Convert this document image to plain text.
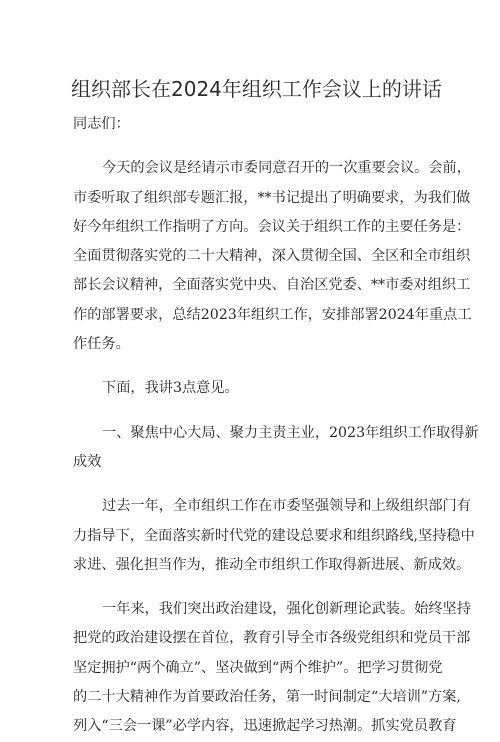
组织部长在2024年组织工作会议上的讲话
同志们：
今天的会议是经请示市委同意召开的一次重要会议。会前，
市委听取了组织部专题汇报，**书记提出了明确要求，为我们做
好今年组织工作指明了方向。会议关于组织工作的主要任务是：
全面贯彻落实党的二十大精神，深入贯彻全国、全区和全市组织
部长会议精神，全面落实党中央、自治区党委、**市委对组织工
作的部署要求，总结2023年组织工作，安排部署2024年重点工
作任务。
下面，我讲3点意见。
一、聚焦中心大局、聚力主责主业，2023年组织工作取得新
成效
过去一年，全市组织工作在市委坚强领导和上级组织部门有
力指导下，全面落实新时代党的建设总要求和组织路线,坚持稳中
求进、强化担当作为，推动全市组织工作取得新进展、新成效。
一年来，我们突出政治建设，强化创新理论武装。始终坚持
把党的政治建设摆在首位，教育引导全市各级党组织和党员干部
坚定拥护“两个确立”、坚决做到“两个维护”。把学习贯彻党
的二十大精神作为首要政治任务，第一时间制定“大培训”方案,
列入“三会一课”必学内容，迅速掀起学习热潮。抓实党员教育
